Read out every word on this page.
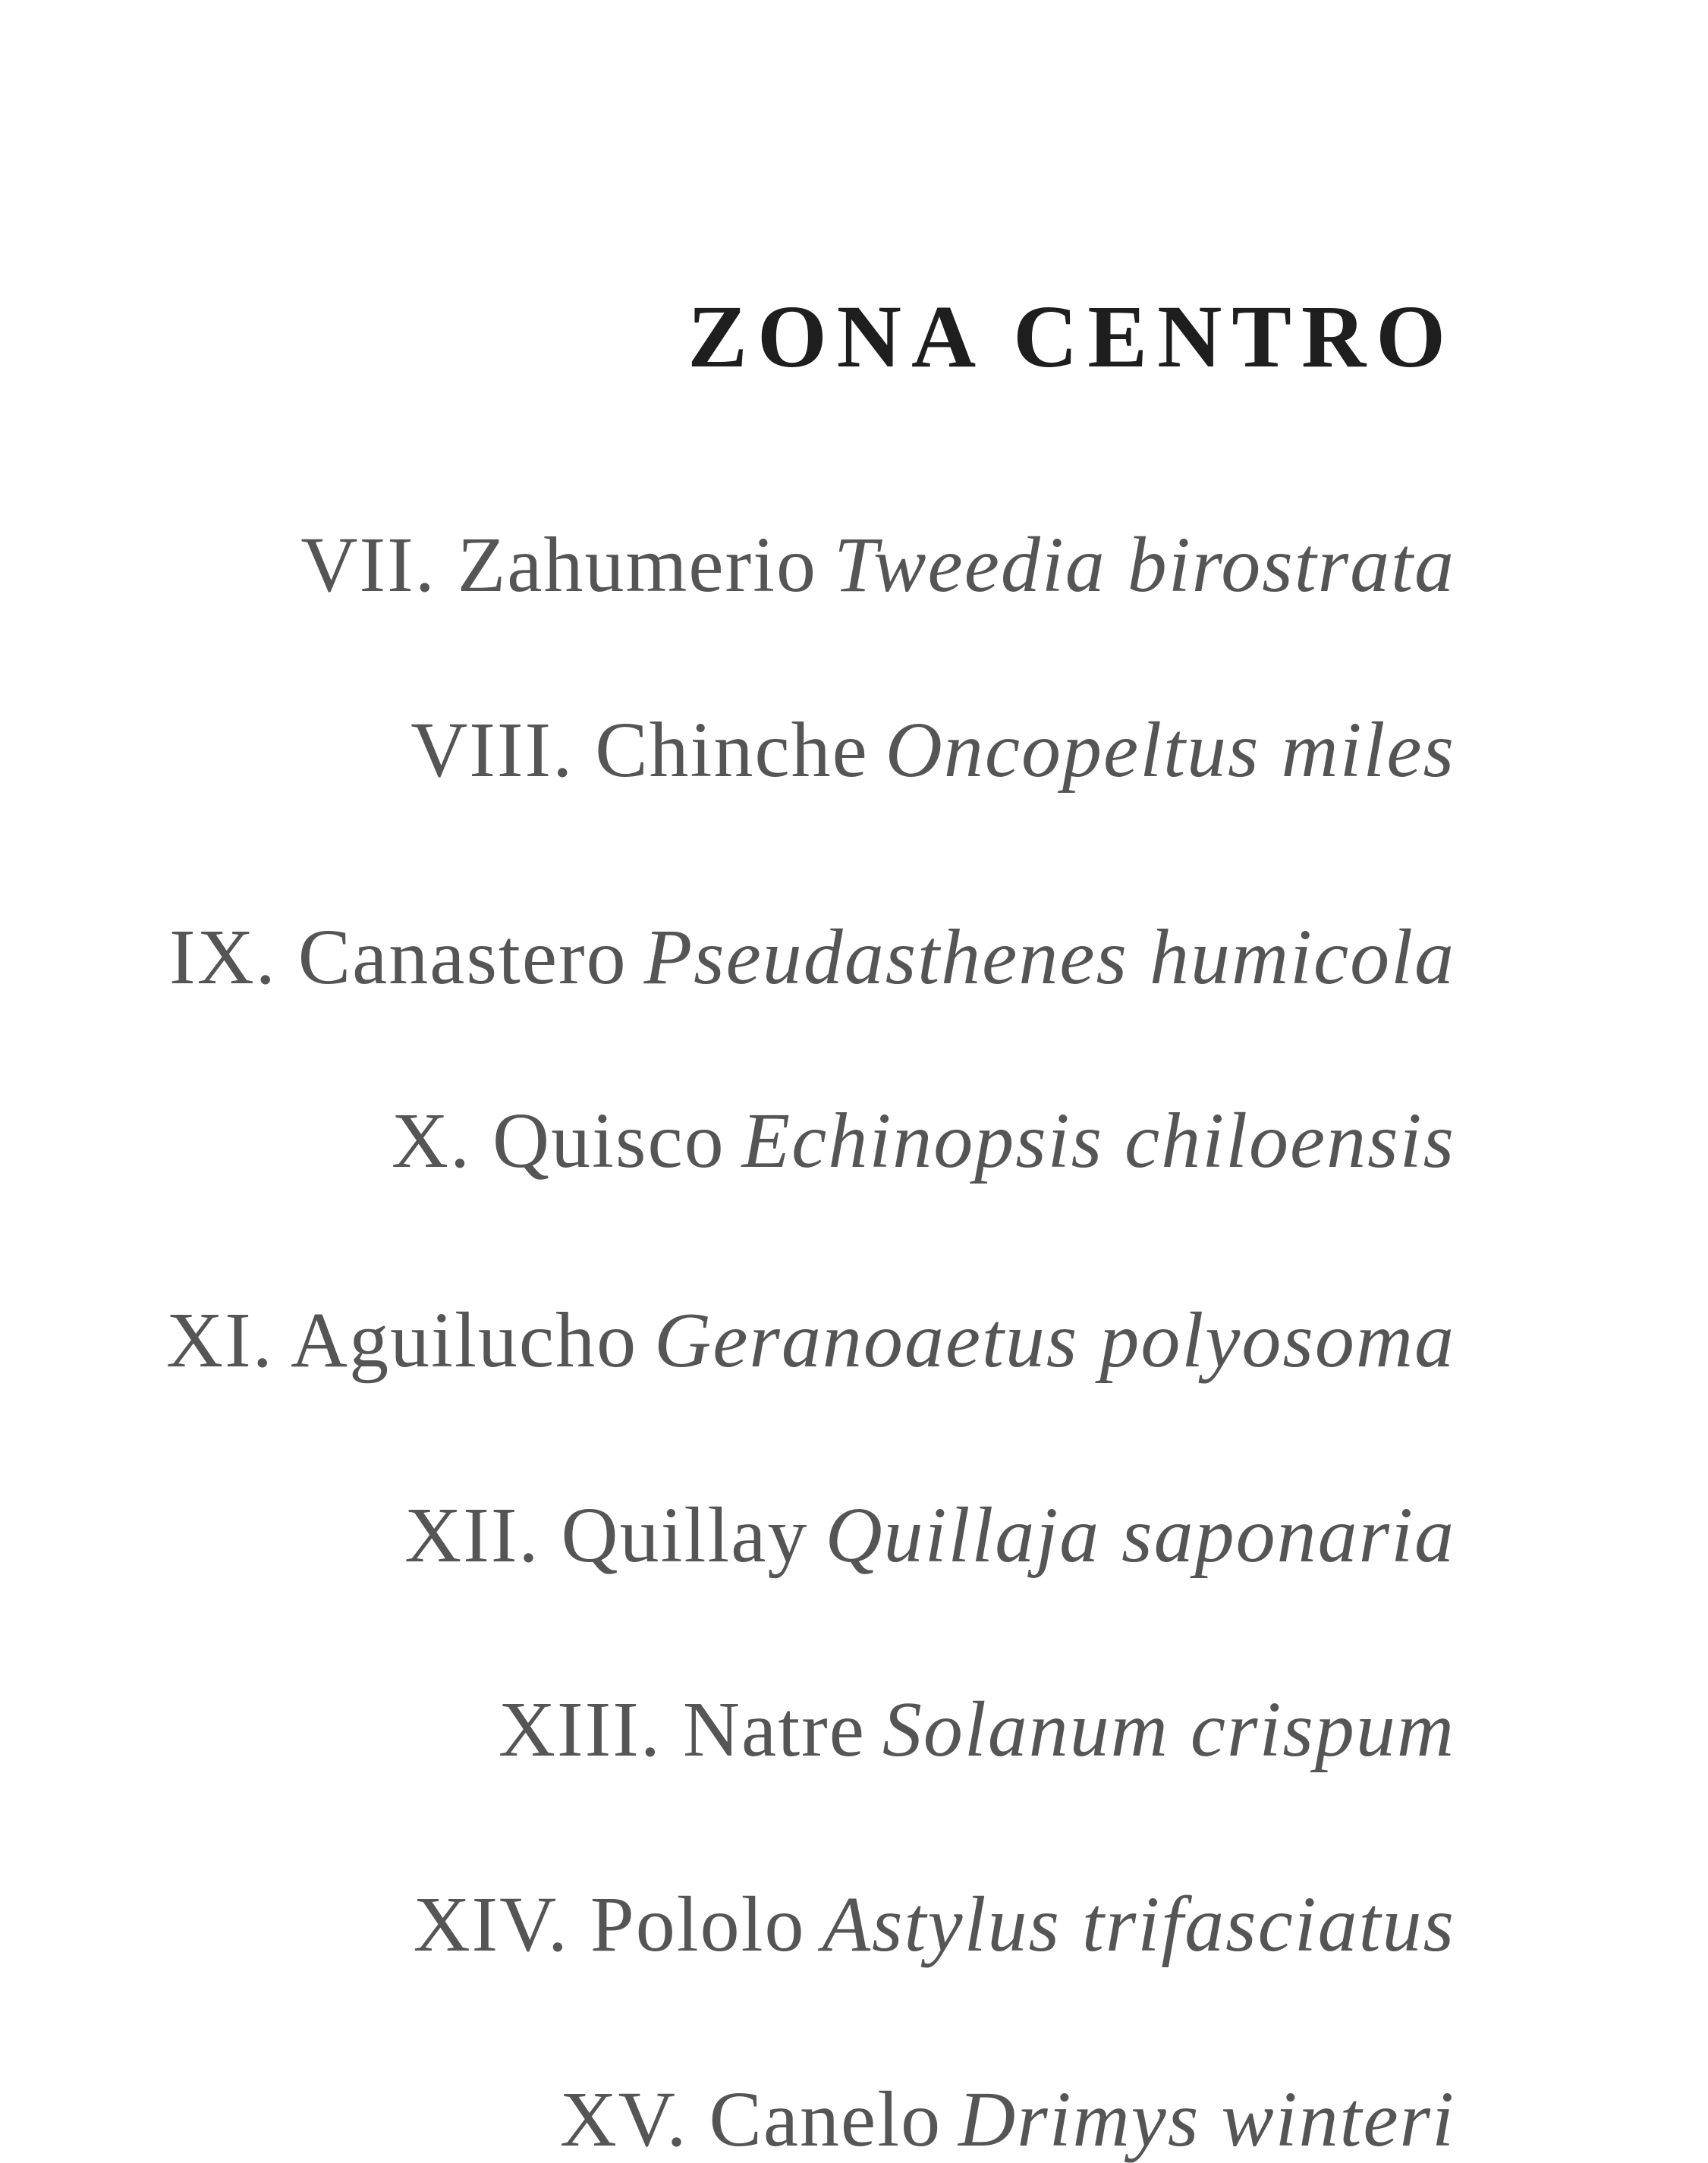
ZONA CENTRO

VII. Zahumerio Tweedia birostrata

VIII. Chinche Oncopeltus miles

IX. Canastero Pseudasthenes humicola

X. Quisco Echinopsis chiloensis

XI. Aguilucho Geranoaetus polyosoma

XII. Quillay Quillaja saponaria

XIII. Natre Solanum crispum

XIV. Pololo Astylus trifasciatus

XV. Canelo Drimys winteri
